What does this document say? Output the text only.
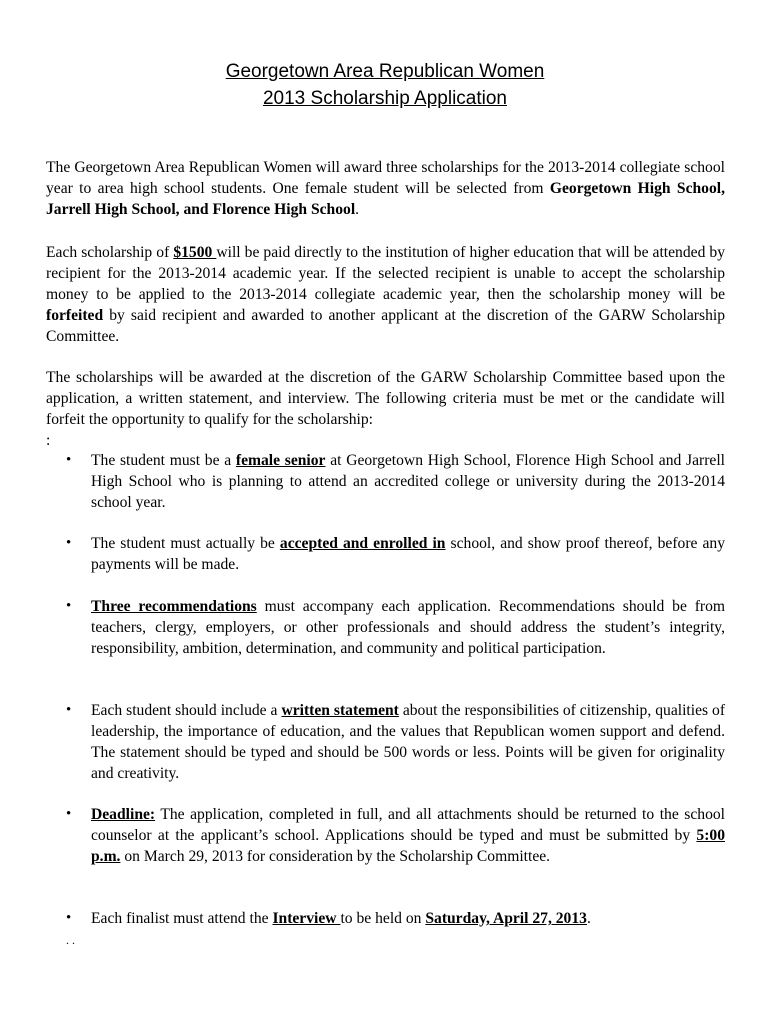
Georgetown Area Republican Women
2013 Scholarship Application

The Georgetown Area Republican Women will award three scholarships for the 2013-2014 collegiate school year to area high school students. One female student will be selected from Georgetown High School, Jarrell High School, and Florence High School.

Each scholarship of $1500 will be paid directly to the institution of higher education that will be attended by recipient for the 2013-2014 academic year. If the selected recipient is unable to accept the scholarship money to be applied to the 2013-2014 collegiate academic year, then the scholarship money will be forfeited by said recipient and awarded to another applicant at the discretion of the GARW Scholarship Committee.

The scholarships will be awarded at the discretion of the GARW Scholarship Committee based upon the application, a written statement, and interview. The following criteria must be met or the candidate will forfeit the opportunity to qualify for the scholarship:

:
• The student must be a female senior at Georgetown High School, Florence High School and Jarrell High School who is planning to attend an accredited college or university during the 2013-2014 school year.
• The student must actually be accepted and enrolled in school, and show proof thereof, before any payments will be made.
• Three recommendations must accompany each application. Recommendations should be from teachers, clergy, employers, or other professionals and should address the student’s integrity, responsibility, ambition, determination, and community and political participation.
• Each student should include a written statement about the responsibilities of citizenship, qualities of leadership, the importance of education, and the values that Republican women support and defend. The statement should be typed and should be 500 words or less. Points will be given for originality and creativity.
• Deadline: The application, completed in full, and all attachments should be returned to the school counselor at the applicant’s school. Applications should be typed and must be submitted by 5:00 p.m. on March 29, 2013 for consideration by the Scholarship Committee.
• Each finalist must attend the Interview to be held on Saturday, April 27, 2013.
. .
